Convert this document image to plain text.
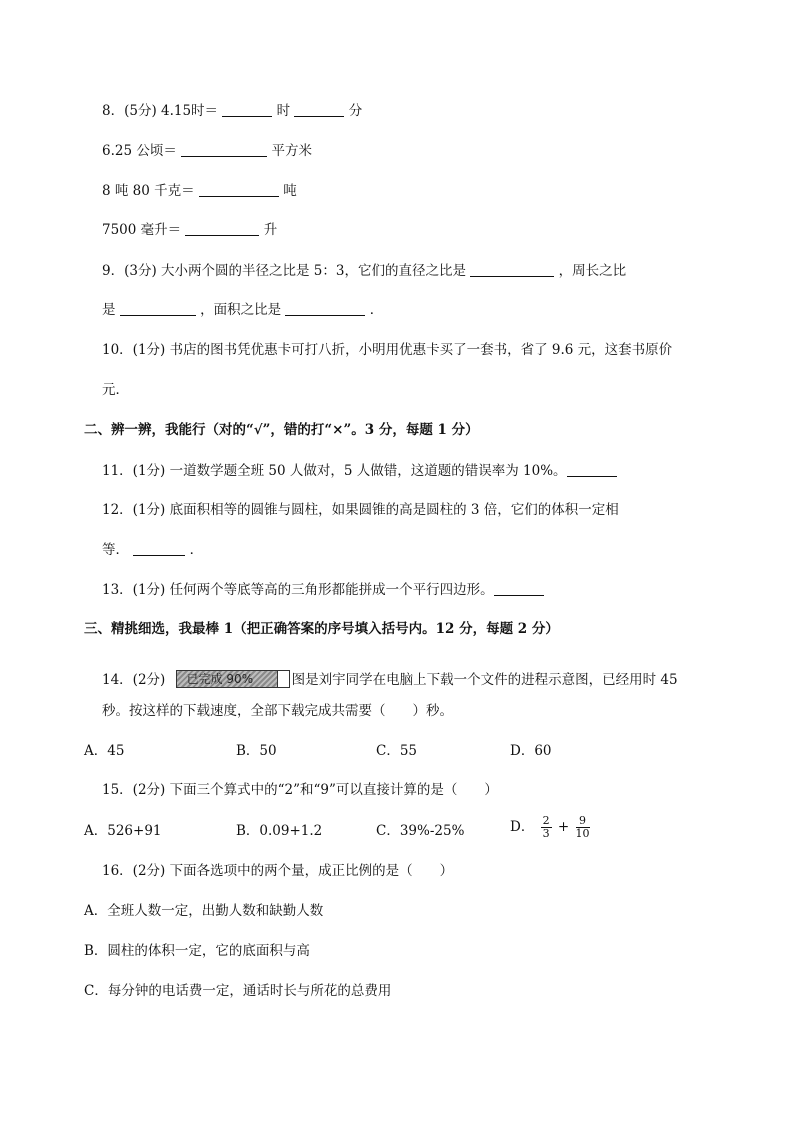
8．(5分) 4.15时＝	时	分
6.25 公顷＝	平方米
8 吨 80 千克＝	吨
7500 毫升＝	升
9．(3分) 大小两个圆的半径之比是 5：3，它们的直径之比是	，周长之比
是	，面积之比是	．
10．(1分) 书店的图书凭优惠卡可打八折，小明用优惠卡买了一套书，省了 9.6 元，这套书原价
元．
二、辨一辨，我能行（对的“√”，错的打“×”。3 分，每题 1 分）
11．(1分) 一道数学题全班 50 人做对，5 人做错，这道题的错误率为 10%。
12．(1分) 底面积相等的圆锥与圆柱，如果圆锥的高是圆柱的 3 倍，它们的体积一定相
等．	．
13．(1分) 任何两个等底等高的三角形都能拼成一个平行四边形。
三、精挑细选，我最棒 1（把正确答案的序号填入括号内。12 分，每题 2 分）
14．(2分) 已完成 90%	图是刘宇同学在电脑上下载一个文件的进程示意图，已经用时 45
秒。按这样的下载速度，全部下载完成共需要（　　）秒。
A．45	B．50	C．55	D．60
15．(2分) 下面三个算式中的“2”和“9”可以直接计算的是（　　）
A．526+91	B．0.09+1.2	C．39%-25%	D． $\frac{2}{3} + \frac{9}{10}$
16．(2分) 下面各选项中的两个量，成正比例的是（　　）
A．全班人数一定，出勤人数和缺勤人数
B．圆柱的体积一定，它的底面积与高
C．每分钟的电话费一定，通话时长与所花的总费用
